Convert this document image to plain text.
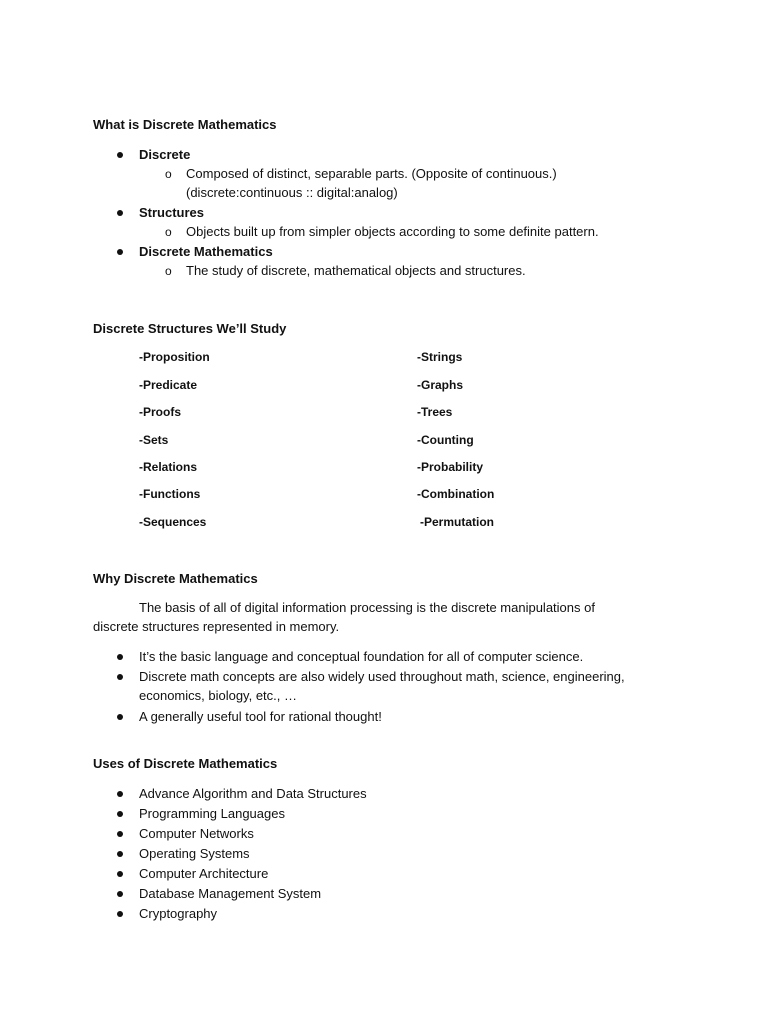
What is Discrete Mathematics
Discrete
o Composed of distinct, separable parts. (Opposite of continuous.)
(discrete:continuous :: digital:analog)
Structures
o Objects built up from simpler objects according to some definite pattern.
Discrete Mathematics
o The study of discrete, mathematical objects and structures.
Discrete Structures We’ll Study
-Proposition
-Predicate
-Proofs
-Sets
-Relations
-Functions
-Sequences
-Strings
-Graphs
-Trees
-Counting
-Probability
-Combination
-Permutation
Why Discrete Mathematics
The basis of all of digital information processing is the discrete manipulations of
discrete structures represented in memory.
It’s the basic language and conceptual foundation for all of computer science.
Discrete math concepts are also widely used throughout math, science, engineering,
economics, biology, etc., …
A generally useful tool for rational thought!
Uses of Discrete Mathematics
Advance Algorithm and Data Structures
Programming Languages
Computer Networks
Operating Systems
Computer Architecture
Database Management System
Cryptography
